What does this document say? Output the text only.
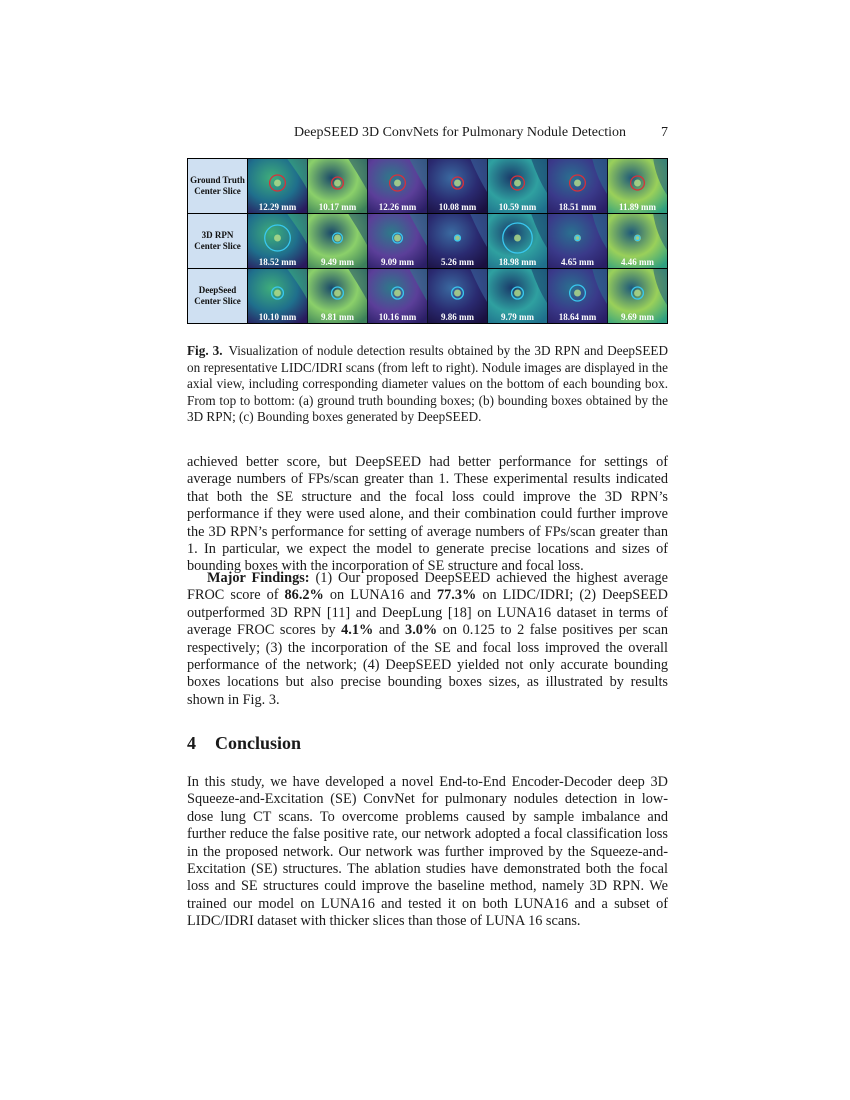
DeepSEED 3D ConvNets for Pulmonary Nodule Detection	7
Ground Truth Center Slice
12.29 mm	10.17 mm	12.26 mm	10.08 mm	10.59 mm	18.51 mm	11.89 mm
3D RPN Center Slice
18.52 mm	9.49 mm	9.09 mm	5.26 mm	18.98 mm	4.65 mm	4.46 mm
DeepSeed Center Slice
10.10 mm	9.81 mm	10.16 mm	9.86 mm	9.79 mm	18.64 mm	9.69 mm
Fig. 3. Visualization of nodule detection results obtained by the 3D RPN and DeepSEED on representative LIDC/IDRI scans (from left to right). Nodule images are displayed in the axial view, including corresponding diameter values on the bottom of each bounding box. From top to bottom: (a) ground truth bounding boxes; (b) bounding boxes obtained by the 3D RPN; (c) Bounding boxes generated by DeepSEED.
achieved better score, but DeepSEED had better performance for settings of average numbers of FPs/scan greater than 1. These experimental results indicated that both the SE structure and the focal loss could improve the 3D RPN’s performance if they were used alone, and their combination could further improve the 3D RPN’s performance for setting of average numbers of FPs/scan greater than 1. In particular, we expect the model to generate precise locations and sizes of bounding boxes with the incorporation of SE structure and focal loss.
Major Findings: (1) Our proposed DeepSEED achieved the highest average FROC score of 86.2% on LUNA16 and 77.3% on LIDC/IDRI; (2) DeepSEED outperformed 3D RPN [11] and DeepLung [18] on LUNA16 dataset in terms of average FROC scores by 4.1% and 3.0% on 0.125 to 2 false positives per scan respectively; (3) the incorporation of the SE and focal loss improved the overall performance of the network; (4) DeepSEED yielded not only accurate bounding boxes locations but also precise bounding boxes sizes, as illustrated by results shown in Fig. 3.
4 Conclusion
In this study, we have developed a novel End-to-End Encoder-Decoder deep 3D Squeeze-and-Excitation (SE) ConvNet for pulmonary nodules detection in low-dose lung CT scans. To overcome problems caused by sample imbalance and further reduce the false positive rate, our network adopted a focal classification loss in the proposed network. Our network was further improved by the Squeeze-and-Excitation (SE) structures. The ablation studies have demonstrated both the focal loss and SE structures could improve the baseline method, namely 3D RPN. We trained our model on LUNA16 and tested it on both LUNA16 and a subset of LIDC/IDRI dataset with thicker slices than those of LUNA 16 scans.
